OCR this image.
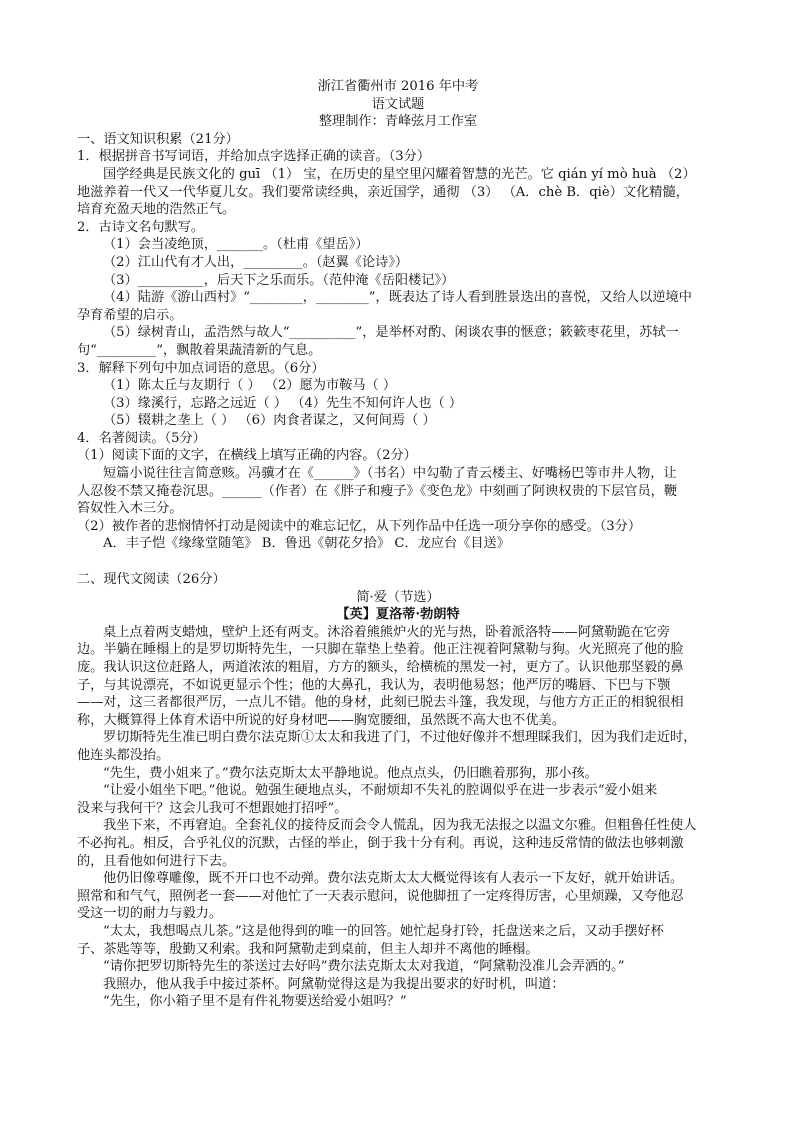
浙江省衢州市 2016 年中考
语文试题
整理制作：青峰弦月工作室
一、语文知识积累（21分）
1．根据拼音书写词语，并给加点字选择正确的读音。（3分）
国学经典是民族文化的 guī （1） 宝，在历史的星空里闪耀着智慧的光芒。它 qián yí mò huà （2）
地滋养着一代又一代华夏儿女。我们要常读经典，亲近国学，通彻 （3） （A．chè B．qiè）文化精髓，
培育充盈天地的浩然正气。
2．古诗文名句默写。
（1）会当凌绝顶，_______。（杜甫《望岳》）
（2）江山代有才人出，_________。（赵翼《论诗》）
（3）__________，后天下之乐而乐。（范仲淹《岳阳楼记》）
（4）陆游《游山西村》“________，________”，既表达了诗人看到胜景迭出的喜悦，又给人以逆境中
孕育希望的启示。
（5）绿树青山，孟浩然与故人“__________”，是举杯对酌、闲谈农事的惬意；簌簌枣花里，苏轼一
句“_________”，飘散着果蔬清新的气息。
3．解释下列句中加点词语的意思。（6分）
（1）陈太丘与友期行（ ） （2）愿为市鞍马（ ）
（3）缘溪行，忘路之远近（ ） （4）先生不知何许人也（ ）
（5）辍耕之垄上（ ） （6）肉食者谋之，又何间焉（ ）
4．名著阅读。（5分）
（1）阅读下面的文字，在横线上填写正确的内容。（2分）
短篇小说往往言简意赅。冯骥才在《______》（书名）中勾勒了青云楼主、好嘴杨巴等市井人物，让
人忍俊不禁又掩卷沉思。______（作者）在《胖子和瘦子》《变色龙》中刻画了阿谀权贵的下层官员，鞭
笞奴性入木三分。
（2）被作者的悲悯情怀打动是阅读中的难忘记忆，从下列作品中任选一项分享你的感受。（3分）
A．丰子恺《缘缘堂随笔》 B．鲁迅《朝花夕拾》 C．龙应台《目送》
二、现代文阅读（26分）
简·爱（节选）
【英】夏洛蒂·勃朗特
桌上点着两支蜡烛，壁炉上还有两支。沐浴着熊熊炉火的光与热，卧着派洛特——阿黛勒跪在它旁
边。半躺在睡榻上的是罗切斯特先生，一只脚在靠垫上垫着。他正注视着阿黛勒与狗。火光照亮了他的脸
庞。我认识这位赶路人，两道浓浓的粗眉，方方的额头，给横梳的黑发一衬，更方了。认识他那坚毅的鼻
子，与其说漂亮，不如说更显示个性；他的大鼻孔，我认为，表明他易怒；他严厉的嘴唇、下巴与下颚
——对，这三者都很严厉，一点儿不错。他的身材，此刻已脱去斗篷，我发现，与他方方正正的相貌很相
称，大概算得上体育术语中所说的好身材吧——胸宽腰细，虽然既不高大也不优美。
罗切斯特先生准已明白费尔法克斯①太太和我进了门，不过他好像并不想理睬我们，因为我们走近时，
他连头都没抬。
“先生，费小姐来了。”费尔法克斯太太平静地说。他点点头，仍旧瞧着那狗，那小孩。
“让爱小姐坐下吧。”他说。勉强生硬地点头，不耐烦却不失礼的腔调似乎在进一步表示“爱小姐来
没来与我何干？这会儿我可不想跟她打招呼”。
我坐下来，不再窘迫。全套礼仪的接待反而会令人慌乱，因为我无法报之以温文尔雅。但粗鲁任性使人
不必拘礼。相反，合乎礼仪的沉默，古怪的举止，倒于我十分有利。再说，这种违反常情的做法也够刺激
的，且看他如何进行下去。
他仍旧像尊雕像，既不开口也不动弹。费尔法克斯太太大概觉得该有人表示一下友好，就开始讲话。
照常和和气气，照例老一套——对他忙了一天表示慰问，说他脚扭了一定疼得厉害，心里烦躁，又夸他忍
受这一切的耐力与毅力。
“太太，我想喝点儿茶。”这是他得到的唯一的回答。她忙起身打铃，托盘送来之后，又动手摆好杯
子、茶匙等等，殷勤又利索。我和阿黛勒走到桌前，但主人却并不离他的睡榻。
“请你把罗切斯特先生的茶送过去好吗”费尔法克斯太太对我道，“阿黛勒没准儿会弄洒的。”
我照办，他从我手中接过茶杯。阿黛勒觉得这是为我提出要求的好时机，叫道：
“先生，你小箱子里不是有件礼物要送给爱小姐吗？”
